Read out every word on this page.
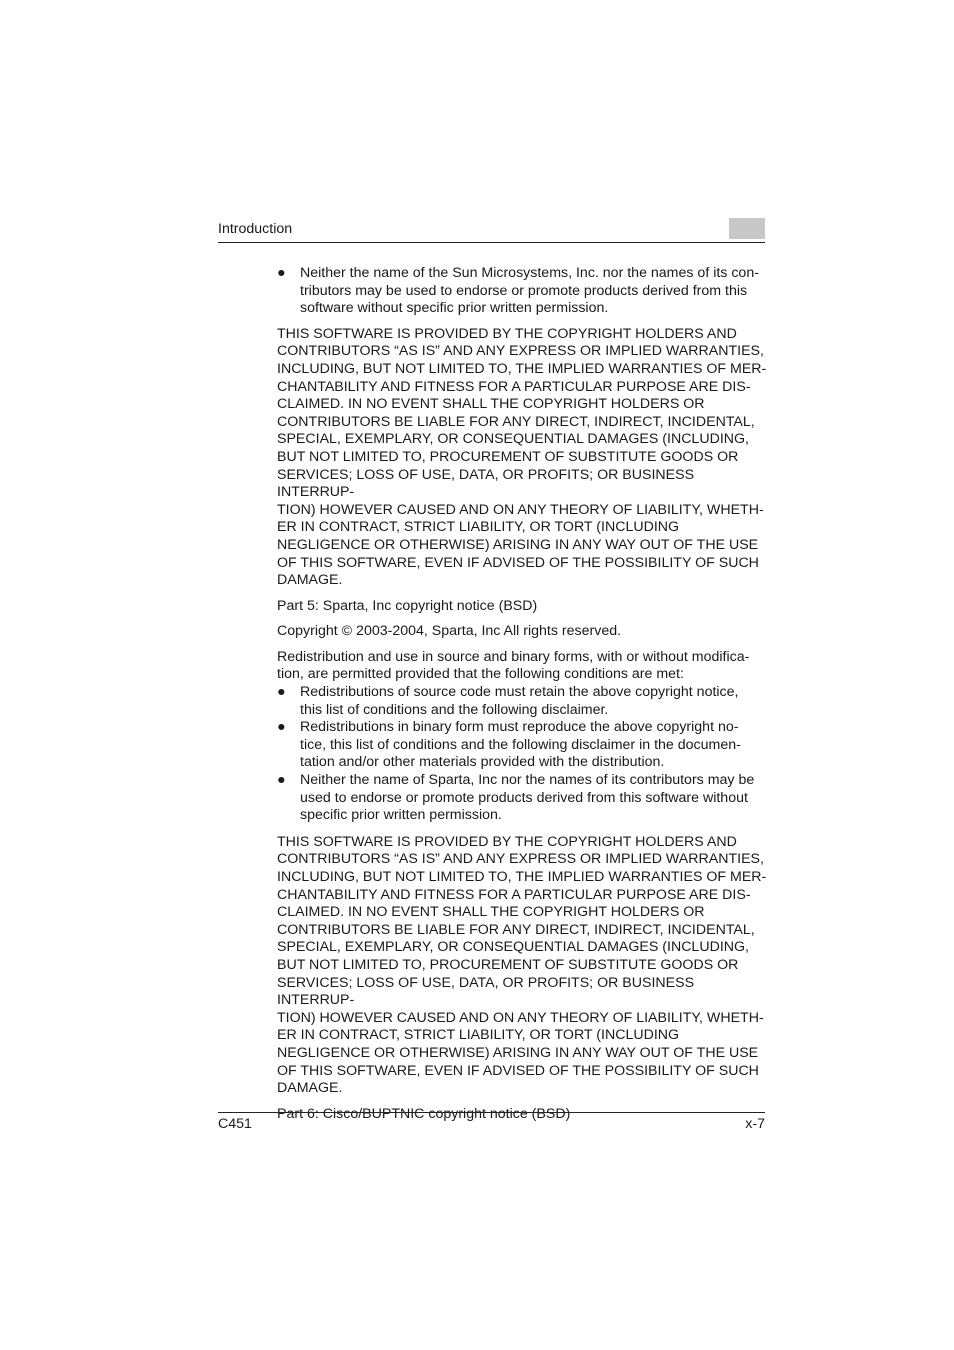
Introduction
● Neither the name of the Sun Microsystems, Inc. nor the names of its con-
tributors may be used to endorse or promote products derived from this
software without specific prior written permission.

THIS SOFTWARE IS PROVIDED BY THE COPYRIGHT HOLDERS AND
CONTRIBUTORS “AS IS” AND ANY EXPRESS OR IMPLIED WARRANTIES,
INCLUDING, BUT NOT LIMITED TO, THE IMPLIED WARRANTIES OF MER-
CHANTABILITY AND FITNESS FOR A PARTICULAR PURPOSE ARE DIS-
CLAIMED. IN NO EVENT SHALL THE COPYRIGHT HOLDERS OR
CONTRIBUTORS BE LIABLE FOR ANY DIRECT, INDIRECT, INCIDENTAL,
SPECIAL, EXEMPLARY, OR CONSEQUENTIAL DAMAGES (INCLUDING,
BUT NOT LIMITED TO, PROCUREMENT OF SUBSTITUTE GOODS OR
SERVICES; LOSS OF USE, DATA, OR PROFITS; OR BUSINESS INTERRUP-
TION) HOWEVER CAUSED AND ON ANY THEORY OF LIABILITY, WHETH-
ER IN CONTRACT, STRICT LIABILITY, OR TORT (INCLUDING
NEGLIGENCE OR OTHERWISE) ARISING IN ANY WAY OUT OF THE USE
OF THIS SOFTWARE, EVEN IF ADVISED OF THE POSSIBILITY OF SUCH
DAMAGE.

Part 5: Sparta, Inc copyright notice (BSD)

Copyright © 2003-2004, Sparta, Inc All rights reserved.

Redistribution and use in source and binary forms, with or without modifica-
tion, are permitted provided that the following conditions are met:

● Redistributions of source code must retain the above copyright notice,
this list of conditions and the following disclaimer.
● Redistributions in binary form must reproduce the above copyright no-
tice, this list of conditions and the following disclaimer in the documen-
tation and/or other materials provided with the distribution.
● Neither the name of Sparta, Inc nor the names of its contributors may be
used to endorse or promote products derived from this software without
specific prior written permission.

THIS SOFTWARE IS PROVIDED BY THE COPYRIGHT HOLDERS AND
CONTRIBUTORS “AS IS” AND ANY EXPRESS OR IMPLIED WARRANTIES,
INCLUDING, BUT NOT LIMITED TO, THE IMPLIED WARRANTIES OF MER-
CHANTABILITY AND FITNESS FOR A PARTICULAR PURPOSE ARE DIS-
CLAIMED. IN NO EVENT SHALL THE COPYRIGHT HOLDERS OR
CONTRIBUTORS BE LIABLE FOR ANY DIRECT, INDIRECT, INCIDENTAL,
SPECIAL, EXEMPLARY, OR CONSEQUENTIAL DAMAGES (INCLUDING,
BUT NOT LIMITED TO, PROCUREMENT OF SUBSTITUTE GOODS OR
SERVICES; LOSS OF USE, DATA, OR PROFITS; OR BUSINESS INTERRUP-
TION) HOWEVER CAUSED AND ON ANY THEORY OF LIABILITY, WHETH-
ER IN CONTRACT, STRICT LIABILITY, OR TORT (INCLUDING
NEGLIGENCE OR OTHERWISE) ARISING IN ANY WAY OUT OF THE USE
OF THIS SOFTWARE, EVEN IF ADVISED OF THE POSSIBILITY OF SUCH
DAMAGE.

Part 6: Cisco/BUPTNIC copyright notice (BSD)

C451	x-7
